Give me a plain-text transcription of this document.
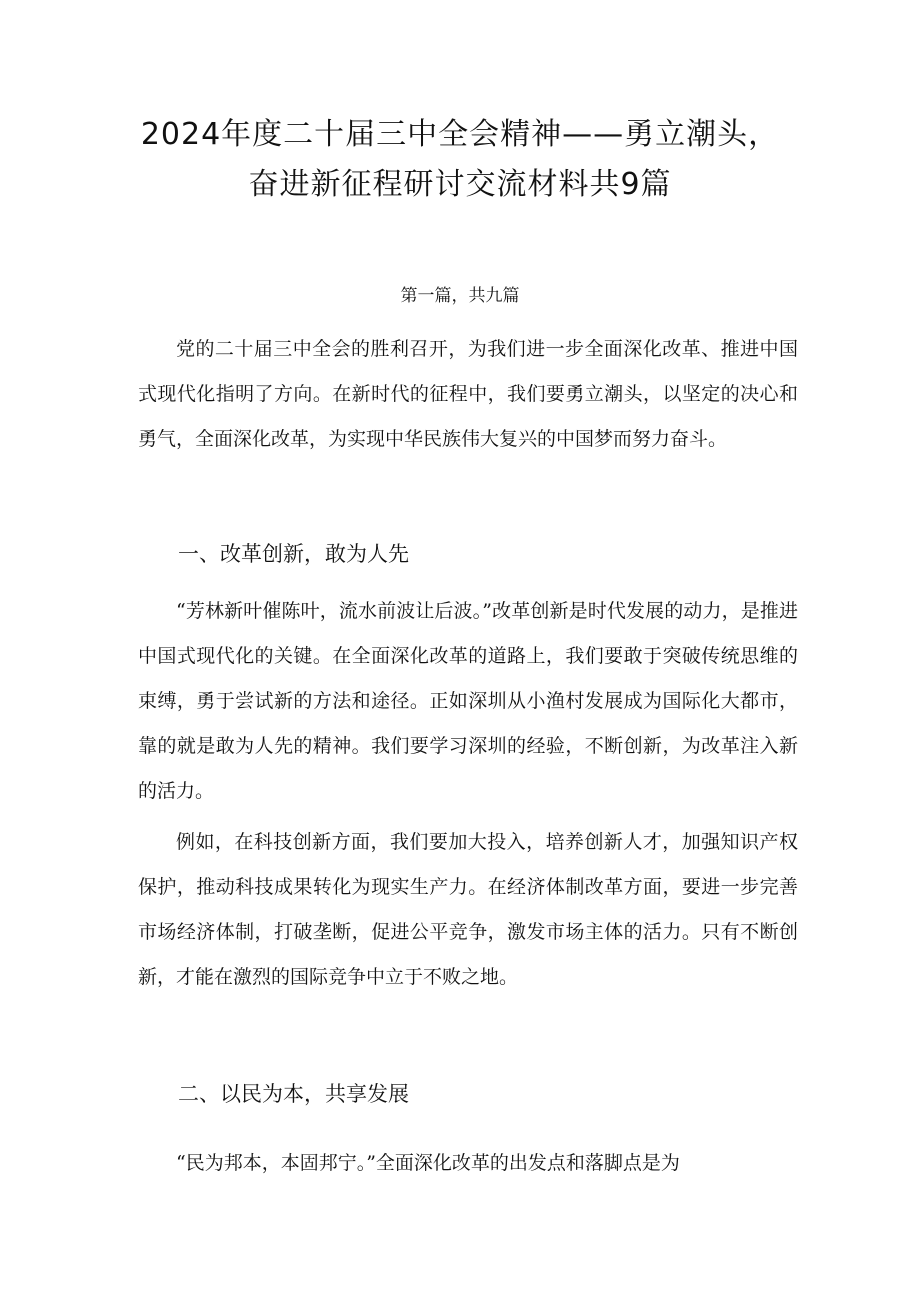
2024年度二十届三中全会精神——勇立潮头，奋进新征程研讨交流材料共9篇
第一篇，共九篇

党的二十届三中全会的胜利召开，为我们进一步全面深化改革、推进中国式现代化指明了方向。在新时代的征程中，我们要勇立潮头，以坚定的决心和勇气，全面深化改革，为实现中华民族伟大复兴的中国梦而努力奋斗。

一、改革创新，敢为人先

“芳林新叶催陈叶，流水前波让后波。”改革创新是时代发展的动力，是推进中国式现代化的关键。在全面深化改革的道路上，我们要敢于突破传统思维的束缚，勇于尝试新的方法和途径。正如深圳从小渔村发展成为国际化大都市，靠的就是敢为人先的精神。我们要学习深圳的经验，不断创新，为改革注入新的活力。

例如，在科技创新方面，我们要加大投入，培养创新人才，加强知识产权保护，推动科技成果转化为现实生产力。在经济体制改革方面，要进一步完善市场经济体制，打破垄断，促进公平竞争，激发市场主体的活力。只有不断创新，才能在激烈的国际竞争中立于不败之地。

二、以民为本，共享发展

“民为邦本，本固邦宁。”全面深化改革的出发点和落脚点是为
